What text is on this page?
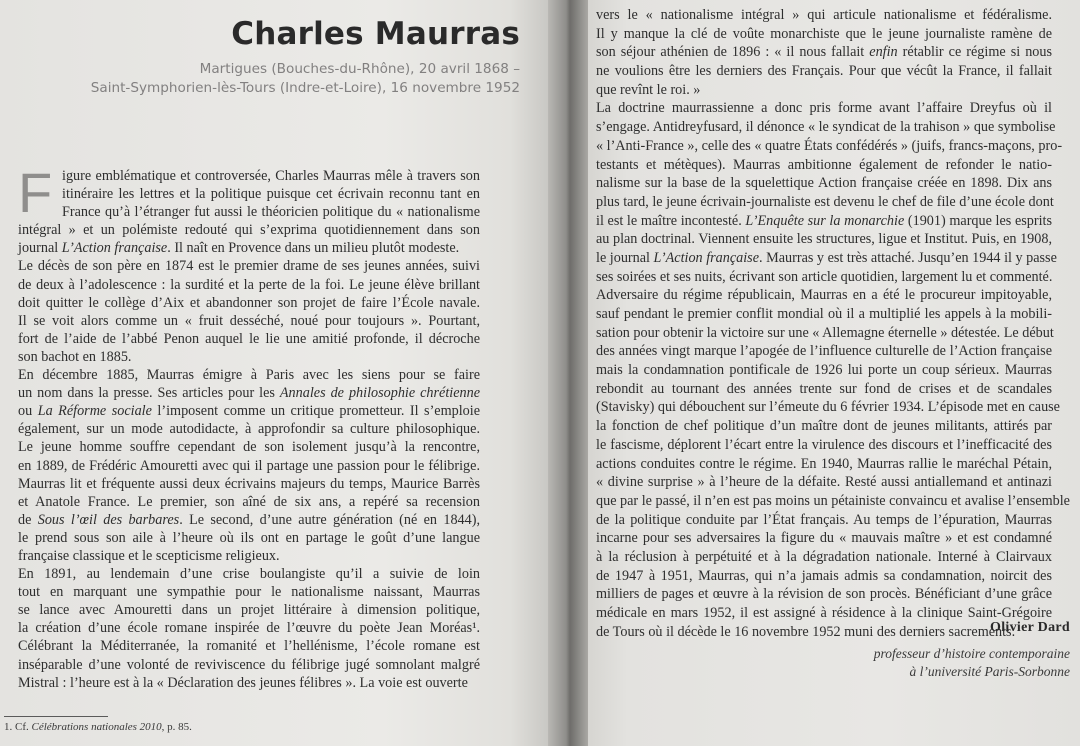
Charles Maurras
Martigues (Bouches-du-Rhône), 20 avril 1868 –
Saint-Symphorien-lès-Tours (Indre-et-Loire), 16 novembre 1952
F igure emblématique et controversée, Charles Maurras mêle à travers son
itinéraire les lettres et la politique puisque cet écrivain reconnu tant en
France qu’à l’étranger fut aussi le théoricien politique du « nationalisme
intégral » et un polémiste redouté qui s’exprima quotidiennement dans son
journal L’Action française. Il naît en Provence dans un milieu plutôt modeste.
Le décès de son père en 1874 est le premier drame de ses jeunes années, suivi
de deux à l’adolescence : la surdité et la perte de la foi. Le jeune élève brillant
doit quitter le collège d’Aix et abandonner son projet de faire l’École navale.
Il se voit alors comme un « fruit desséché, noué pour toujours ». Pourtant,
fort de l’aide de l’abbé Penon auquel le lie une amitié profonde, il décroche
son bachot en 1885.
En décembre 1885, Maurras émigre à Paris avec les siens pour se faire
un nom dans la presse. Ses articles pour les Annales de philosophie chrétienne
ou La Réforme sociale l’imposent comme un critique prometteur. Il s’emploie
également, sur un mode autodidacte, à approfondir sa culture philosophique.
Le jeune homme souffre cependant de son isolement jusqu’à la rencontre,
en 1889, de Frédéric Amouretti avec qui il partage une passion pour le félibrige.
Maurras lit et fréquente aussi deux écrivains majeurs du temps, Maurice Barrès
et Anatole France. Le premier, son aîné de six ans, a repéré sa recension
de Sous l’œil des barbares. Le second, d’une autre génération (né en 1844),
le prend sous son aile à l’heure où ils ont en partage le goût d’une langue
française classique et le scepticisme religieux.
En 1891, au lendemain d’une crise boulangiste qu’il a suivie de loin
tout en marquant une sympathie pour le nationalisme naissant, Maurras
se lance avec Amouretti dans un projet littéraire à dimension politique,
la création d’une école romane inspirée de l’œuvre du poète Jean Moréas¹.
Célébrant la Méditerranée, la romanité et l’hellénisme, l’école romane est
inséparable d’une volonté de reviviscence du félibrige jugé somnolant malgré
Mistral : l’heure est à la « Déclaration des jeunes félibres ». La voie est ouverte
1. Cf. Célébrations nationales 2010, p. 85.
vers le « nationalisme intégral » qui articule nationalisme et fédéralisme.
Il y manque la clé de voûte monarchiste que le jeune journaliste ramène de
son séjour athénien de 1896 : « il nous fallait enfin rétablir ce régime si nous
ne voulions être les derniers des Français. Pour que vécût la France, il fallait
que revînt le roi. »
La doctrine maurrassienne a donc pris forme avant l’affaire Dreyfus où il
s’engage. Antidreyfusard, il dénonce « le syndicat de la trahison » que symbolise
« l’Anti-France », celle des « quatre États confédérés » (juifs, francs-maçons, pro-
testants et métèques). Maurras ambitionne également de refonder le natio-
nalisme sur la base de la squelettique Action française créée en 1898. Dix ans
plus tard, le jeune écrivain-journaliste est devenu le chef de file d’une école dont
il est le maître incontesté. L’Enquête sur la monarchie (1901) marque les esprits
au plan doctrinal. Viennent ensuite les structures, ligue et Institut. Puis, en 1908,
le journal L’Action française. Maurras y est très attaché. Jusqu’en 1944 il y passe
ses soirées et ses nuits, écrivant son article quotidien, largement lu et commenté.
Adversaire du régime républicain, Maurras en a été le procureur impitoyable,
sauf pendant le premier conflit mondial où il a multiplié les appels à la mobili-
sation pour obtenir la victoire sur une « Allemagne éternelle » détestée. Le début
des années vingt marque l’apogée de l’influence culturelle de l’Action française
mais la condamnation pontificale de 1926 lui porte un coup sérieux. Maurras
rebondit au tournant des années trente sur fond de crises et de scandales
(Stavisky) qui débouchent sur l’émeute du 6 février 1934. L’épisode met en cause
la fonction de chef politique d’un maître dont de jeunes militants, attirés par
le fascisme, déplorent l’écart entre la virulence des discours et l’inefficacité des
actions conduites contre le régime. En 1940, Maurras rallie le maréchal Pétain,
« divine surprise » à l’heure de la défaite. Resté aussi antiallemand et antinazi
que par le passé, il n’en est pas moins un pétainiste convaincu et avalise l’ensemble
de la politique conduite par l’État français. Au temps de l’épuration, Maurras
incarne pour ses adversaires la figure du « mauvais maître » et est condamné
à la réclusion à perpétuité et à la dégradation nationale. Interné à Clairvaux
de 1947 à 1951, Maurras, qui n’a jamais admis sa condamnation, noircit des
milliers de pages et œuvre à la révision de son procès. Bénéficiant d’une grâce
médicale en mars 1952, il est assigné à résidence à la clinique Saint-Grégoire
de Tours où il décède le 16 novembre 1952 muni des derniers sacrements.
Olivier Dard
professeur d’histoire contemporaine
à l’université Paris-Sorbonne
